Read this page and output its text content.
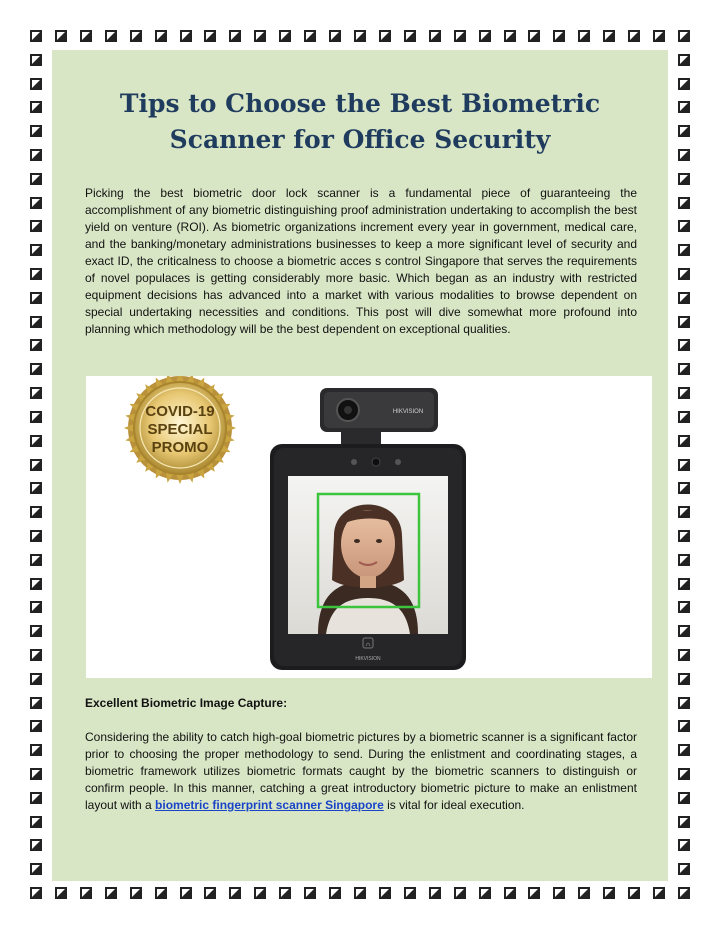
Tips to Choose the Best Biometric Scanner for Office Security

Picking the best biometric door lock scanner is a fundamental piece of guaranteeing the accomplishment of any biometric distinguishing proof administration undertaking to accomplish the best yield on venture (ROI). As biometric organizations increment every year in government, medical care, and the banking/monetary administrations businesses to keep a more significant level of security and exact ID, the criticalness to choose a biometric acces s control Singapore that serves the requirements of novel populaces is getting considerably more basic. Which began as an industry with restricted equipment decisions has advanced into a market with various modalities to browse dependent on special undertaking necessities and conditions. This post will dive somewhat more profound into planning which methodology will be the best dependent on exceptional qualities.

COVID-19
SPECIAL
PROMO
HIKVISION
HIKVISION

Excellent Biometric Image Capture:

Considering the ability to catch high-goal biometric pictures by a biometric scanner is a significant factor prior to choosing the proper methodology to send. During the enlistment and coordinating stages, a biometric framework utilizes biometric formats caught by the biometric scanners to distinguish or confirm people. In this manner, catching a great introductory biometric picture to make an enlistment layout with a biometric fingerprint scanner Singapore is vital for ideal execution.
